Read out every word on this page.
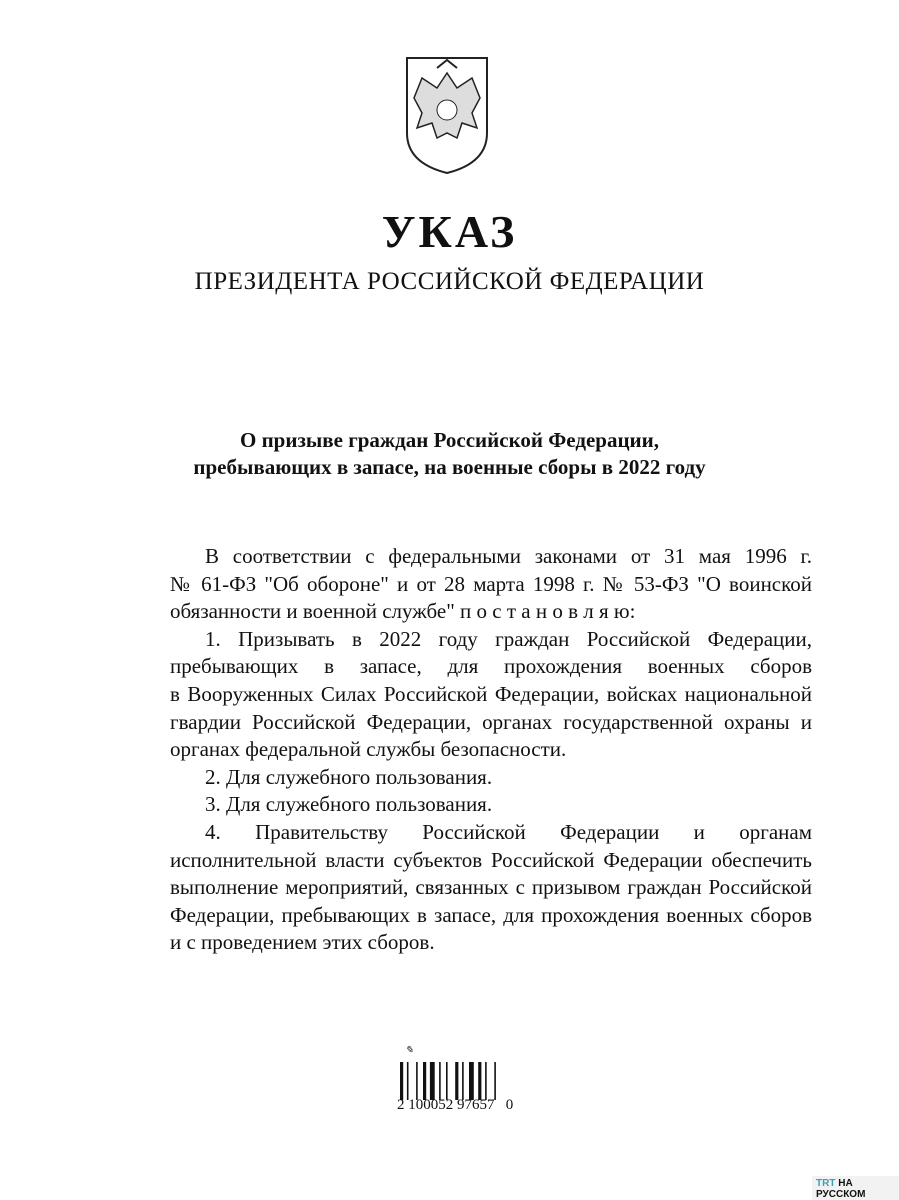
УКАЗ
ПРЕЗИДЕНТА РОССИЙСКОЙ ФЕДЕРАЦИИ
О призыве граждан Российской Федерации,
пребывающих в запасе, на военные сборы в 2022 году
В соответствии с федеральными законами от 31 мая 1996 г.
№ 61-ФЗ "Об обороне" и от 28 марта 1998 г. № 53-ФЗ "О воинской
обязанности и военной службе" п о с т а н о в л я ю:
1. Призывать в 2022 году граждан Российской Федерации,
пребывающих в запасе, для прохождения военных сборов
в Вооруженных Силах Российской Федерации, войсках национальной
гвардии Российской Федерации, органах государственной охраны и
органах федеральной службы безопасности.
2. Для служебного пользования.
3. Для служебного пользования.
4. Правительству Российской Федерации и органам
исполнительной власти субъектов Российской Федерации обеспечить
выполнение мероприятий, связанных с призывом граждан Российской
Федерации, пребывающих в запасе, для прохождения военных сборов
и с проведением этих сборов.
✎
2 100052 97657   0
TRT НА РУССКОМ
